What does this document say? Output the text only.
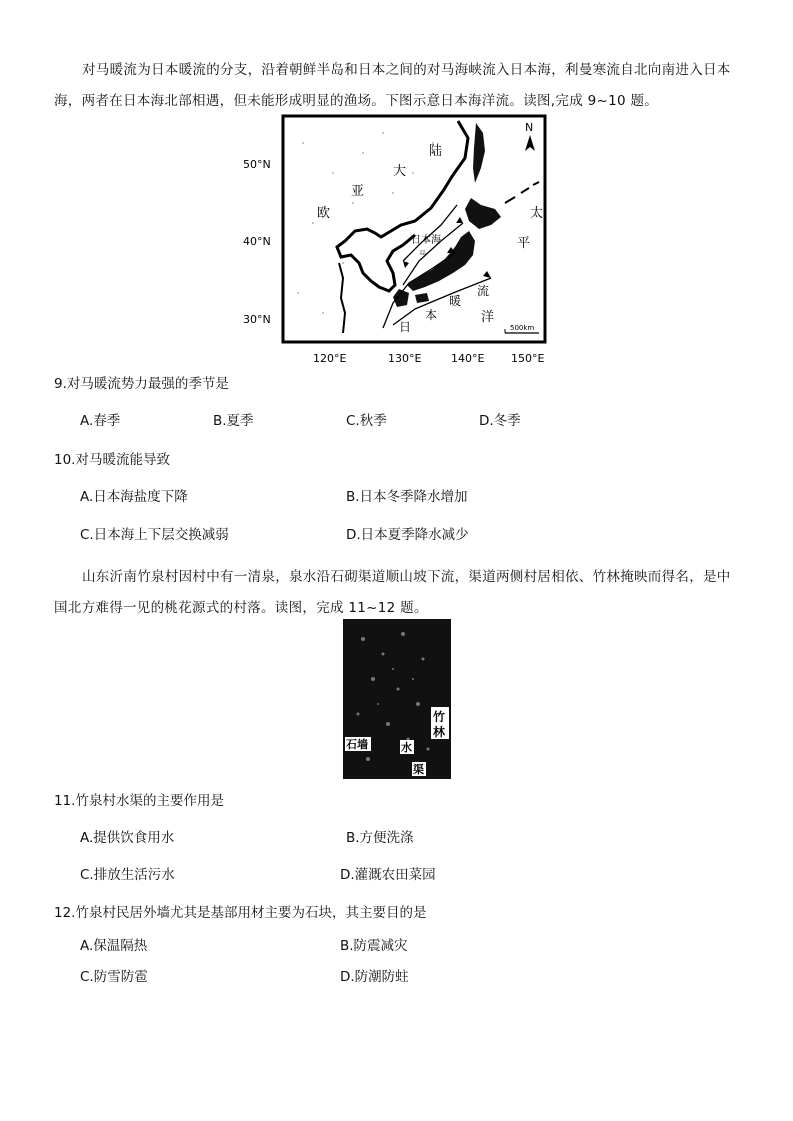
对马暖流为日本暖流的分支，沿着朝鲜半岛和日本之间的对马海峡流入日本海，利曼寒流自北向南进入日本海，两者在日本海北部相遇，但未能形成明显的渔场。下图示意日本海洋流。读图,完成 9~10 题。
50°N
40°N
30°N
120°E	130°E	140°E 150°E
N
大
陆
亚
欧	太
平
洋
日
本
暖
流
日本海
马
500km
9.对马暖流势力最强的季节是
A.春季	B.夏季	C.秋季	D.冬季
10.对马暖流能导致
A.日本海盐度下降	B.日本冬季降水增加
C.日本海上下层交换减弱	D.日本夏季降水减少
山东沂南竹泉村因村中有一清泉，泉水沿石砌渠道顺山坡下流，渠道两侧村居相依、竹林掩映而得名，是中国北方难得一见的桃花源式的村落。读图，完成 11~12 题。
竹
林
石墙	水
渠
11.竹泉村水渠的主要作用是
A.提供饮食用水	B.方便洗涤
C.排放生活污水	D.灌溉农田菜园
12.竹泉村民居外墙尤其是基部用材主要为石块，其主要目的是
A.保温隔热	B.防震减灾
C.防雪防雹	D.防潮防蛀
